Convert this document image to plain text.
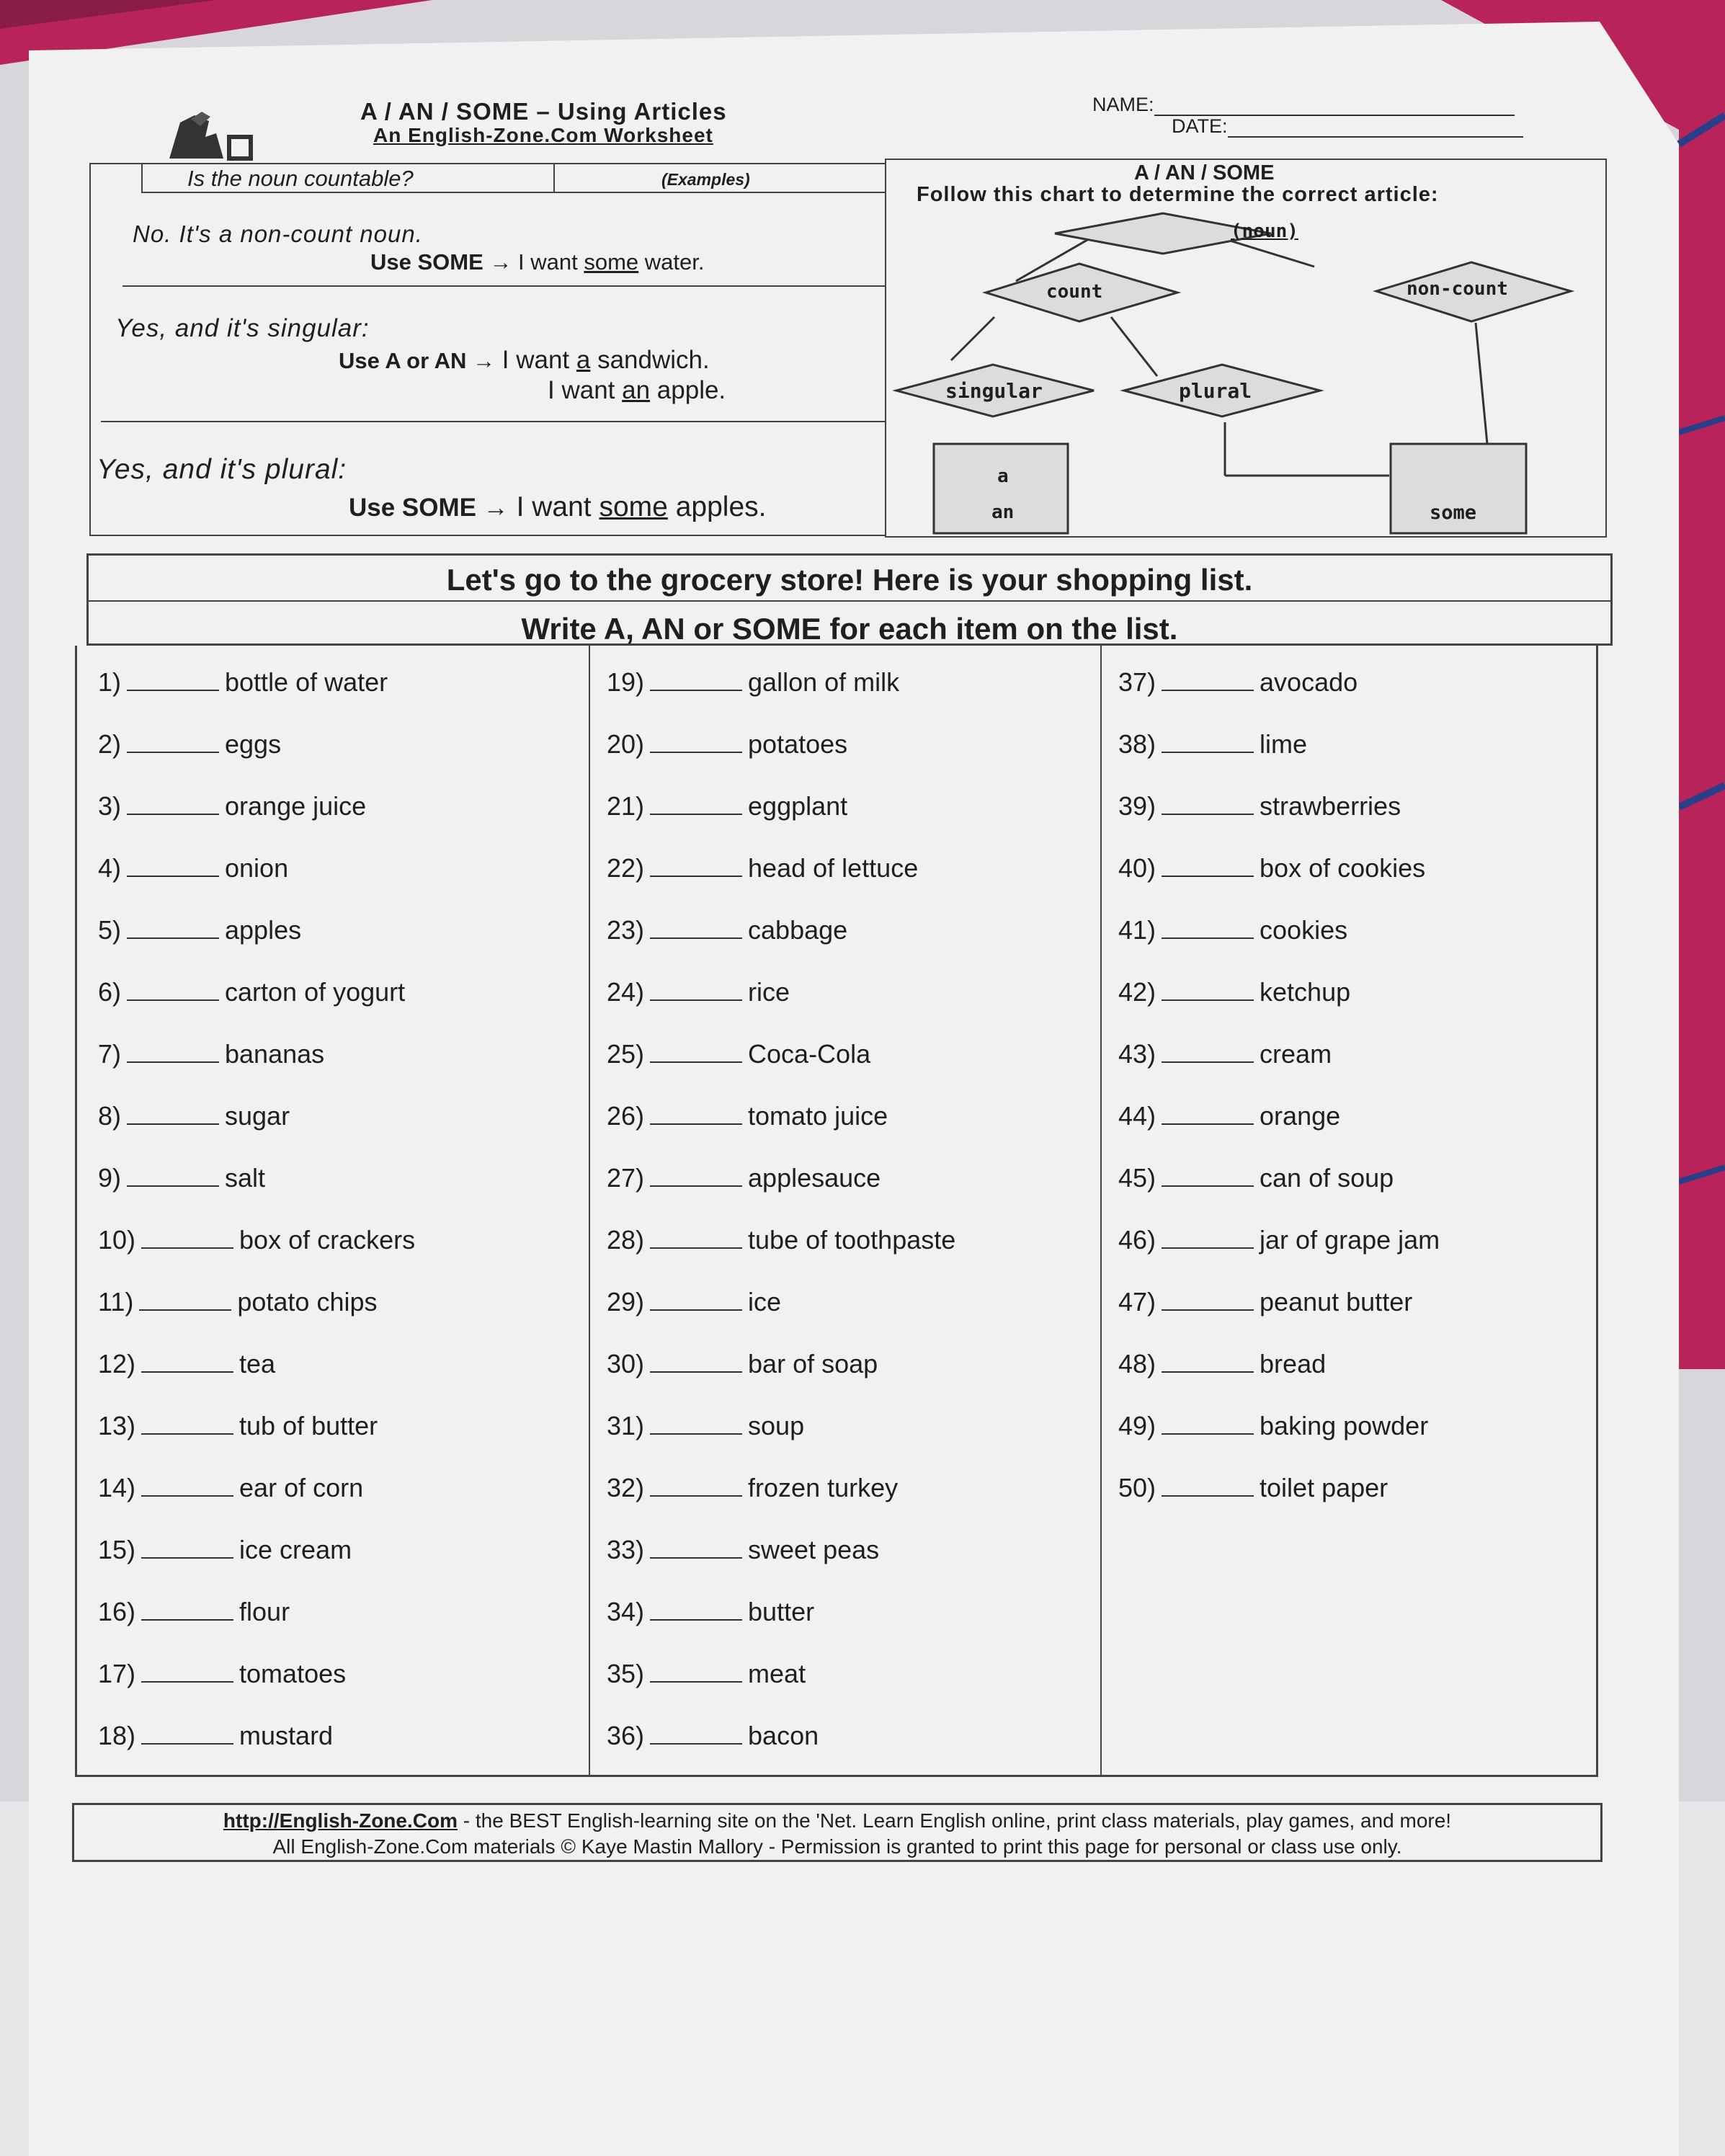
A / AN / SOME – Using Articles
An English-Zone.Com Worksheet
NAME:
DATE:
Is the noun countable?	(Examples)
No. It's a non-count noun.
Use SOME → I want some water.
Yes, and it's singular:
Use A or AN → I want a sandwich.
I want an apple.
Yes, and it's plural:
Use SOME → I want some apples.
A / AN / SOME
Follow this chart to determine the correct article:
(noun)
count	non-count
singular	plural
a
an	some
Let's go to the grocery store! Here is your shopping list.
Write A, AN or SOME for each item on the list.
1)	bottle of water
2)	eggs
3)	orange juice
4)	onion
5)	apples
6)	carton of yogurt
7)	bananas
8)	sugar
9)	salt
10)	box of crackers
11)	potato chips
12)	tea
13)	tub of butter
14)	ear of corn
15)	ice cream
16)	flour
17)	tomatoes
18)	mustard
19)	gallon of milk
20)	potatoes
21)	eggplant
22)	head of lettuce
23)	cabbage
24)	rice
25)	Coca-Cola
26)	tomato juice
27)	applesauce
28)	tube of toothpaste
29)	ice
30)	bar of soap
31)	soup
32)	frozen turkey
33)	sweet peas
34)	butter
35)	meat
36)	bacon
37)	avocado
38)	lime
39)	strawberries
40)	box of cookies
41)	cookies
42)	ketchup
43)	cream
44)	orange
45)	can of soup
46)	jar of grape jam
47)	peanut butter
48)	bread
49)	baking powder
50)	toilet paper
http://English-Zone.Com - the BEST English-learning site on the 'Net. Learn English online, print class materials, play games, and more!
All English-Zone.Com materials © Kaye Mastin Mallory - Permission is granted to print this page for personal or class use only.
